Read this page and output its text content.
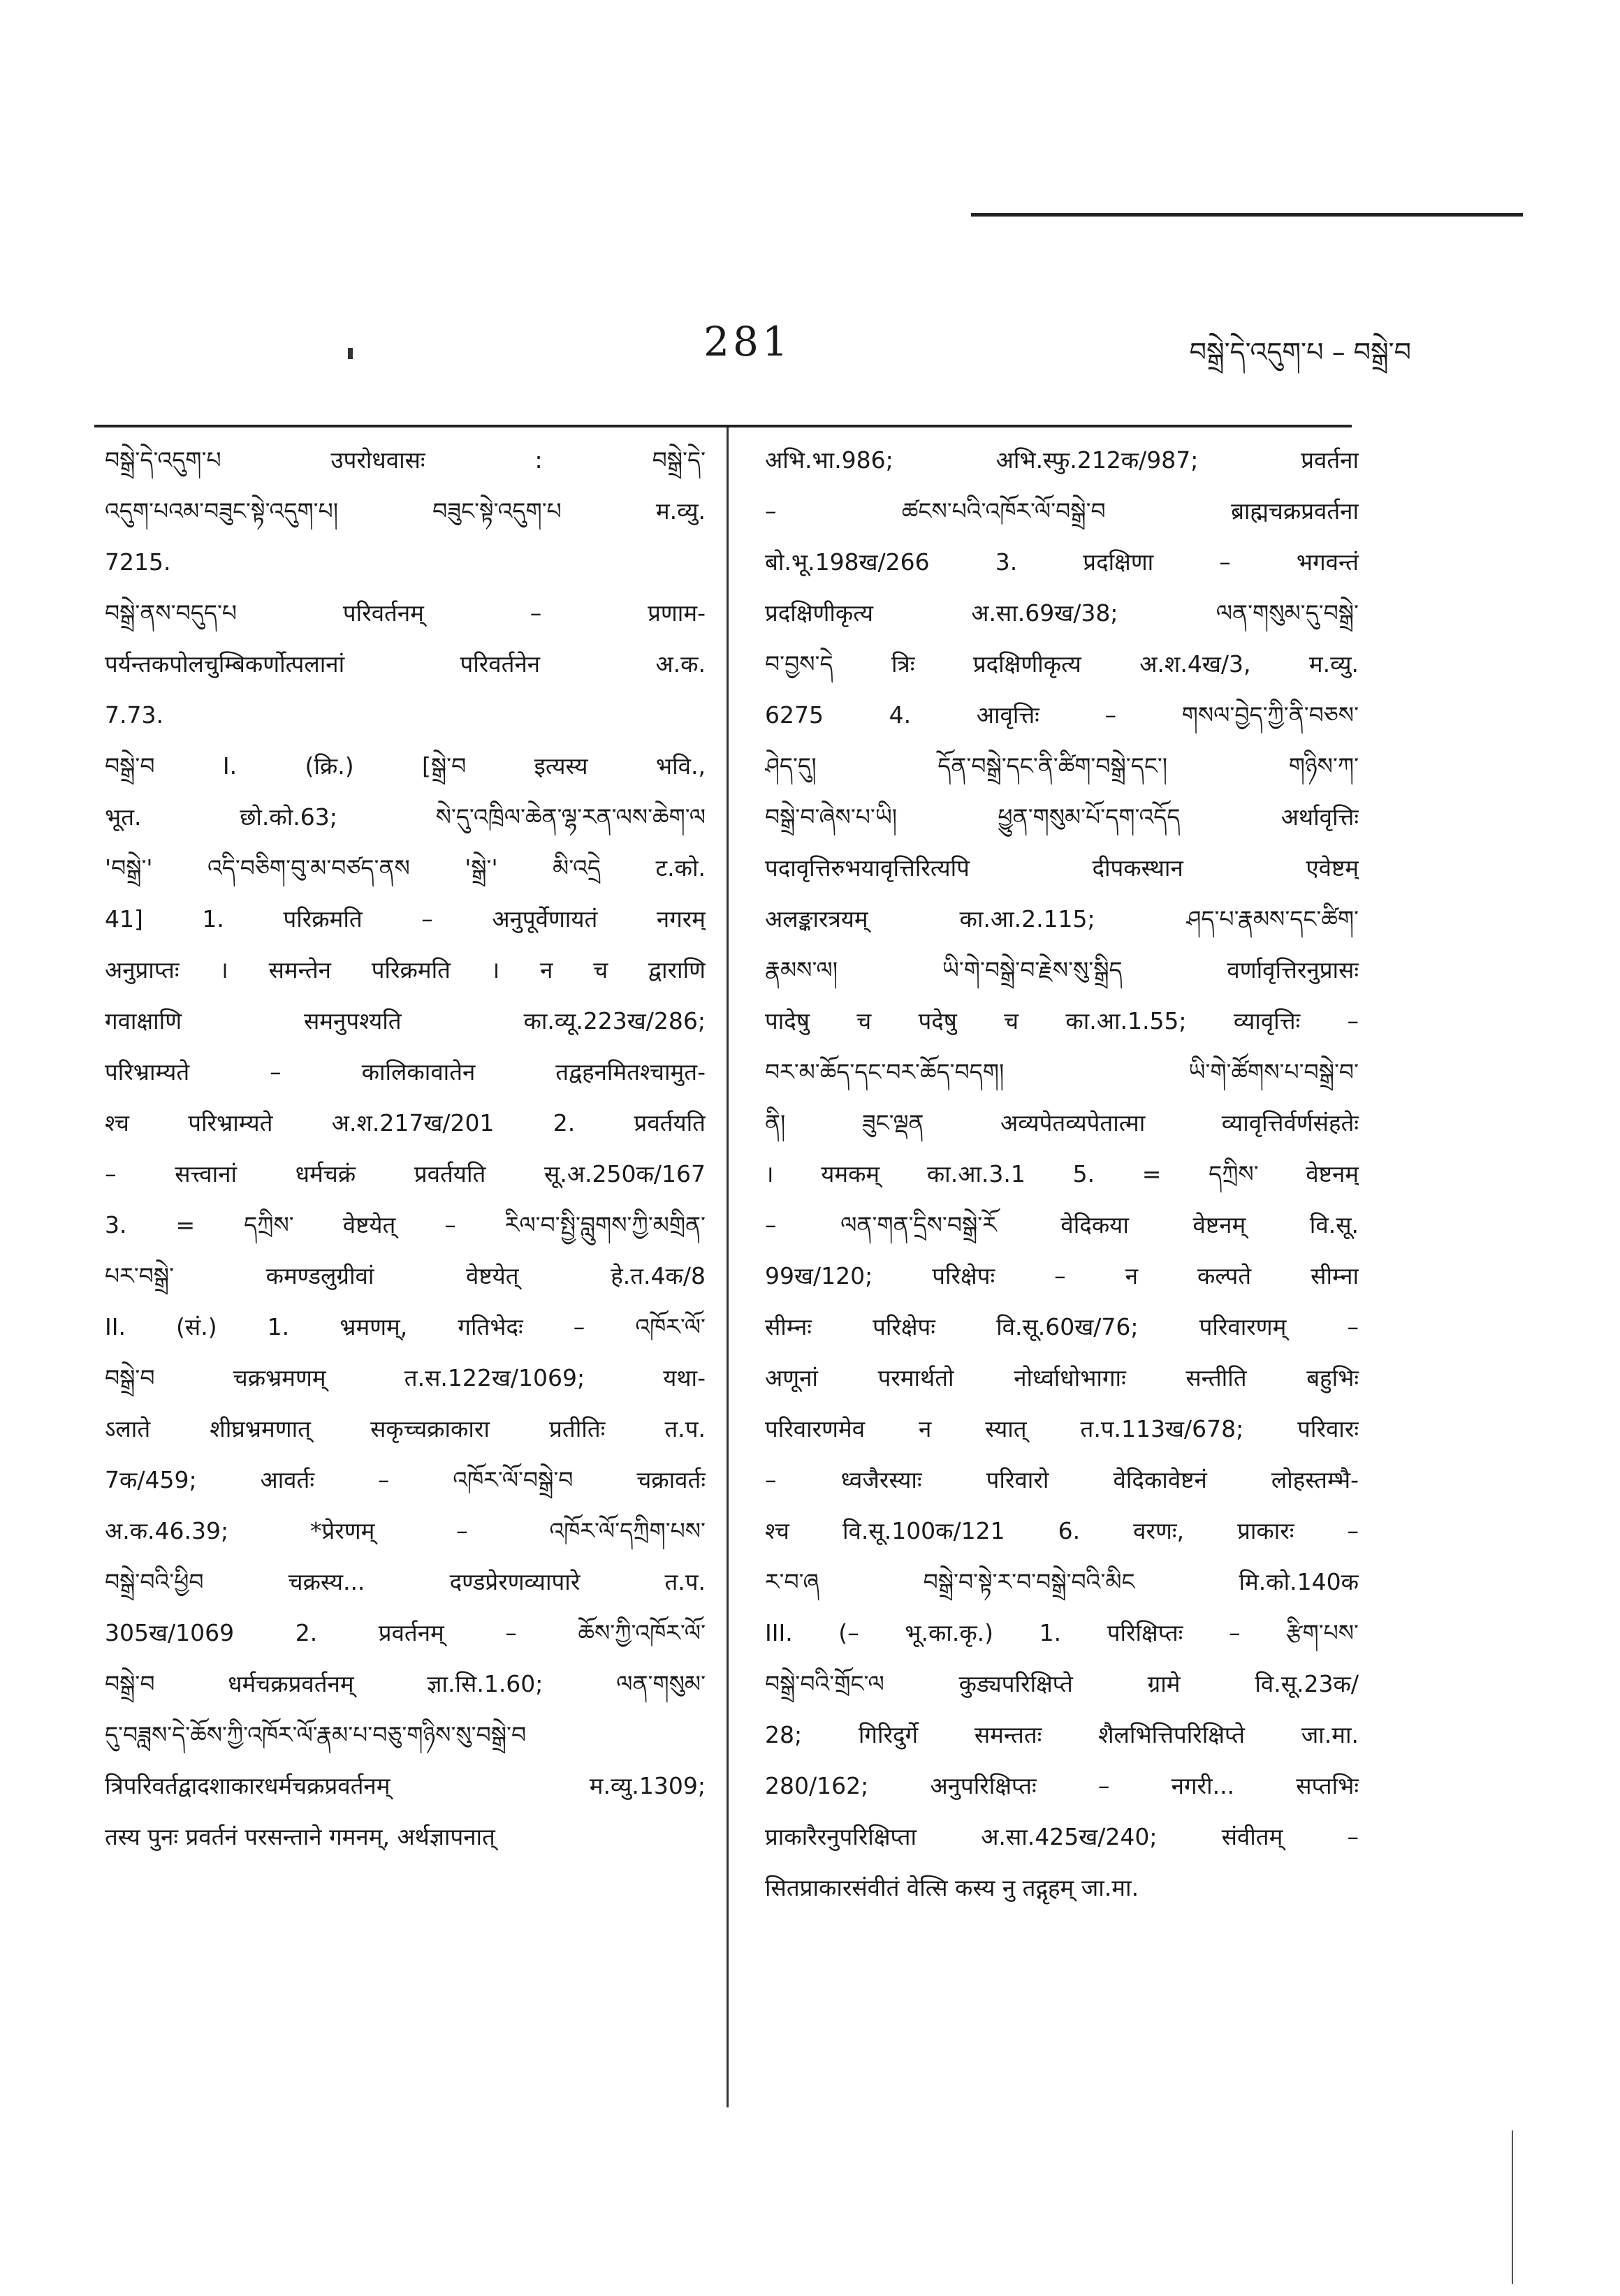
281	བསྒྲེ་དེ་འདུག་པ – བསྒྲེ་བ
བསྒྲེ་དེ་འདུག་པ उपरोधवासः : བསྒྲེ་དེ་
འདུག་པའམ་བཟུང་སྟེ་འདུག་པ། བཟུང་སྟེ་འདུག་པ म.व्यु.
7215.
བསྒྲེ་ནས་བདུད་པ परिवर्तनम् – प्रणाम-
पर्यन्तकपोलचुम्बिकर्णोत्पलानां परिवर्तनेन अ.क.
7.73.
བསྒྲེ་བ I. (क्रि.) [སྒྲེ་བ इत्यस्य भवि.,
भूत. छो.को.63; སེ་དུ་འཁྲིལ་ཆེན་ལྷ་རན་ལས་ཆེག་ལ
'བསྒྲེ་' འདི་བཅིག་བུ་མ་བཙད་ནས 'སྒྲེ་' མི་འདྲེ ट.को.
41] 1. परिक्रमति – अनुपूर्वेणायतं नगरम्
अनुप्राप्तः । समन्तेन परिक्रमति । न च द्वाराणि
गवाक्षाणि समनुपश्यति का.व्यू.223ख/286;
परिभ्राम्यते – कालिकावातेन तद्वहनमितश्चामुत-
श्च परिभ्राम्यते अ.श.217ख/201 2. प्रवर्तयति
– सत्त्वानां धर्मचक्रं प्रवर्तयति सू.अ.250क/167
3. = དཀྲིས་ वेष्टयेत् – རིལ་བ་སྤྱི་བླུགས་ཀྱི་མགྲིན་
པར་བསྒྲེ་ कमण्डलुग्रीवां वेष्टयेत् हे.त.4क/8
II. (सं.) 1. भ्रमणम्, गतिभेदः – འཁོར་ལོ་
བསྒྲེ་བ चक्रभ्रमणम् त.स.122ख/1069; यथा-
ऽलाते शीघ्रभ्रमणात् सकृच्चक्राकारा प्रतीतिः त.प.
7क/459; आवर्तः – འཁོར་ལོ་བསྒྲེ་བ चक्रावर्तः
अ.क.46.39; *प्रेरणम् – འཁོར་ལོ་དཀྲིག་པས་
བསྒྲེ་བའི་ཕྱིབ चक्रस्य... दण्डप्रेरणव्यापारे त.प.
305ख/1069 2. प्रवर्तनम् – ཆོས་ཀྱི་འཁོར་ལོ་
བསྒྲེ་བ धर्मचक्रप्रवर्तनम् ज्ञा.सि.1.60; ལན་གསུམ་
དུ་བཟླས་དེ་ཆོས་ཀྱི་འཁོར་ལོ་རྣམ་པ་བཅུ་གཉིས་སུ་བསྒྲེ་བ
त्रिपरिवर्तद्वादशाकारधर्मचक्रप्रवर्तनम् म.व्यु.1309;
तस्य पुनः प्रवर्तनं परसन्ताने गमनम्, अर्थज्ञापनात्
अभि.भा.986; अभि.स्फु.212क/987; प्रवर्तना
– ཚངས་པའི་འཁོར་ལོ་བསྒྲེ་བ ब्राह्मचक्रप्रवर्तना
बो.भू.198ख/266 3. प्रदक्षिणा – भगवन्तं
प्रदक्षिणीकृत्य अ.सा.69ख/38; ལན་གསུམ་དུ་བསྒྲེ་
བ་བྱས་དེ त्रिः प्रदक्षिणीकृत्य अ.श.4ख/3, म.व्यु.
6275 4. आवृत्तिः – གསལ་བྱེད་ཀྱི་ནི་བཅས་
ཤེད་དུ། དོན་བསྒྲེ་དང་ནི་ཚིག་བསྒྲེ་དང་། གཉིས་ཀ་
བསྒྲེ་བ་ཞེས་པ་ཡི། ཕྱུན་གསུམ་པོ་དག་འདོད अर्थावृत्तिः
पदावृत्तिरुभयावृत्तिरित्यपि दीपकस्थान एवेष्टम्
अलङ्कारत्रयम् का.आ.2.115; ཤད་པ་རྣམས་དང་ཚིག་
རྣམས་ལ། ཡི་གེ་བསྒྲེ་བ་རྗེས་སུ་སྒྲིད वर्णावृत्तिरनुप्रासः
पादेषु च पदेषु च का.आ.1.55; व्यावृत्तिः –
བར་མ་ཆོད་དང་བར་ཆོད་བདག། ཡི་གེ་ཚོགས་པ་བསྒྲེ་བ་
ནི། ཟུང་ལྡན अव्यपेतव्यपेतात्मा व्यावृत्तिर्वर्णसंहतेः
। यमकम् का.आ.3.1 5. = དཀྲིས་ वेष्टनम्
– ལན་གན་དྲིས་བསྒྲེ་རོ वेदिकया वेष्टनम् वि.सू.
99ख/120; परिक्षेपः – न कल्पते सीम्ना
सीम्नः परिक्षेपः वि.सू.60ख/76; परिवारणम् –
अणूनां परमार्थतो नोर्ध्वाधोभागाः सन्तीति बहुभिः
परिवारणमेव न स्यात् त.प.113ख/678; परिवारः
– ध्वजैरस्याः परिवारो वेदिकावेष्टनं लोहस्तम्भै-
श्च वि.सू.100क/121 6. वरणः, प्राकारः –
ར་བ་ཞ བསྒྲེ་བ་སྟེ་ར་བ་བསྒྲེ་བའི་མིང मि.को.140क
III. (– भू.का.कृ.) 1. परिक्षिप्तः – རྩིག་པས་
བསྒྲེ་བའི་གྲོང་ལ कुड्यपरिक्षिप्ते ग्रामे वि.सू.23क/
28; गिरिदुर्गे समन्ततः शैलभित्तिपरिक्षिप्ते जा.मा.
280/162; अनुपरिक्षिप्तः – नगरी... सप्तभिः
प्राकारैरनुपरिक्षिप्ता अ.सा.425ख/240; संवीतम् –
सितप्राकारसंवीतं वेत्सि कस्य नु तद्गृहम् जा.मा.
